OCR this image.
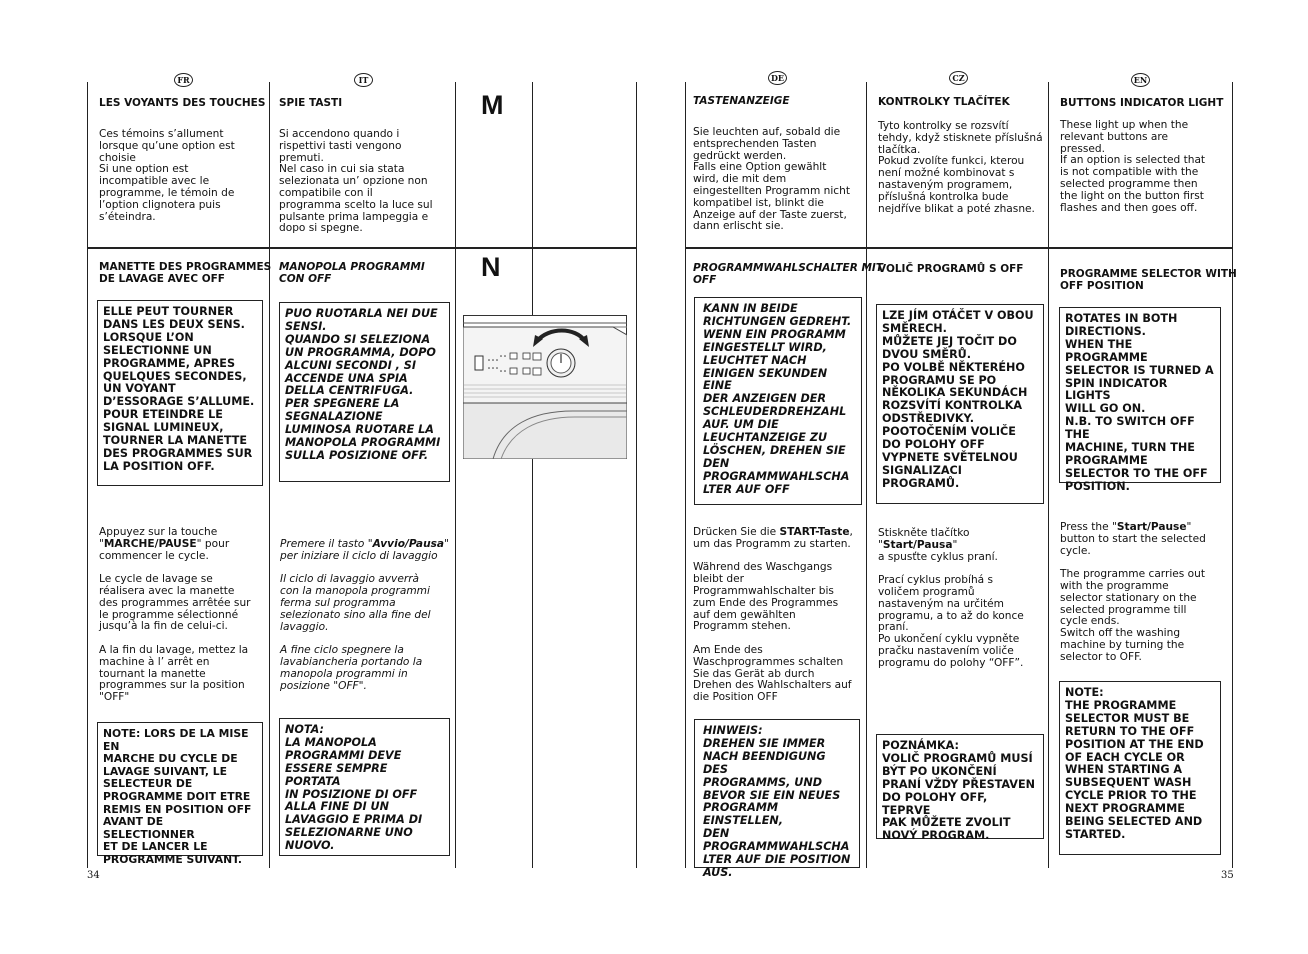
FR
LES VOYANTS DES TOUCHES
Ces témoins s’allument
lorsque qu’une option est
choisie
Si une option est
incompatible avec le
programme, le témoin de
l’option clignotera puis
s’éteindra.
MANETTE DES PROGRAMMES
DE LAVAGE AVEC OFF
ELLE PEUT TOURNER
DANS LES DEUX SENS.
LORSQUE L’ON
SELECTIONNE UN
PROGRAMME, APRES
QUELQUES SECONDES,
UN VOYANT
D’ESSORAGE S’ALLUME.
POUR ETEINDRE LE
SIGNAL LUMINEUX,
TOURNER LA MANETTE
DES PROGRAMMES SUR
LA POSITION OFF.
Appuyez sur la touche
"MARCHE/PAUSE" pour
commencer le cycle.

Le cycle de lavage se
réalisera avec la manette
des programmes arrêtée sur
le programme sélectionné
jusqu’à la fin de celui-ci.

A la fin du lavage, mettez la
machine à l’ arrêt en
tournant la manette
programmes sur la position
"OFF"
NOTE: LORS DE LA MISE EN
MARCHE DU CYCLE DE
LAVAGE SUIVANT, LE
SELECTEUR DE
PROGRAMME DOIT ETRE
REMIS EN POSITION OFF
AVANT DE SELECTIONNER
ET DE LANCER LE
PROGRAMME SUIVANT.
IT
SPIE TASTI
Si accendono quando i
rispettivi tasti vengono
premuti.
Nel caso in cui sia stata
selezionata un’ opzione non
compatibile con il
programma scelto la luce sul
pulsante prima lampeggia e
dopo si spegne.
MANOPOLA PROGRAMMI
CON OFF
PUO RUOTARLA NEI DUE
SENSI.
QUANDO SI SELEZIONA
UN PROGRAMMA, DOPO
ALCUNI SECONDI , SI
ACCENDE UNA SPIA
DELLA CENTRIFUGA.
PER SPEGNERE LA
SEGNALAZIONE
LUMINOSA RUOTARE LA
MANOPOLA PROGRAMMI
SULLA POSIZIONE OFF.
Premere il tasto "Avvio/Pausa"
per iniziare il ciclo di lavaggio

Il ciclo di lavaggio avverrà
con la manopola programmi
ferma sul programma
selezionato sino alla fine del
lavaggio.

A fine ciclo spegnere la
lavabiancheria portando la
manopola programmi in
posizione "OFF".
NOTA:
LA MANOPOLA
PROGRAMMI DEVE
ESSERE SEMPRE PORTATA
IN POSIZIONE DI OFF
ALLA FINE DI UN
LAVAGGIO E PRIMA DI
SELEZIONARNE UNO
NUOVO.
M
N
34
DE
TASTENANZEIGE
Sie leuchten auf, sobald die
entsprechenden Tasten
gedrückt werden.
Falls eine Option gewählt
wird, die mit dem
eingestellten Programm nicht
kompatibel ist, blinkt die
Anzeige auf der Taste zuerst,
dann erlischt sie.
PROGRAMMWAHLSCHALTER MIT
OFF
KANN IN BEIDE
RICHTUNGEN GEDREHT.
WENN EIN PROGRAMM
EINGESTELLT WIRD,
LEUCHTET NACH
EINIGEN SEKUNDEN EINE
DER ANZEIGEN DER
SCHLEUDERDREHZAHL
AUF. UM DIE
LEUCHTANZEIGE ZU
LÖSCHEN, DREHEN SIE
DEN
PROGRAMMWAHLSCHA
LTER AUF OFF
Drücken Sie die START-Taste,
um das Programm zu starten.

Während des Waschgangs
bleibt der
Programmwahlschalter bis
zum Ende des Programmes
auf dem gewählten
Programm stehen.

Am Ende des
Waschprogrammes schalten
Sie das Gerät ab durch
Drehen des Wahlschalters auf
die Position OFF
HINWEIS:
DREHEN SIE IMMER
NACH BEENDIGUNG DES
PROGRAMMS, UND
BEVOR SIE EIN NEUES
PROGRAMM EINSTELLEN,
DEN
PROGRAMMWAHLSCHA
LTER AUF DIE POSITION
AUS.
CZ
KONTROLKY TLAČÍTEK
Tyto kontrolky se rozsvítí
tehdy, když stisknete příslušná
tlačítka.
Pokud zvolíte funkci, kterou
není možné kombinovat s
nastaveným programem,
příslušná kontrolka bude
nejdříve blikat a poté zhasne.
VOLIČ PROGRAMŮ S OFF
LZE JÍM OTÁČET V OBOU
SMĚRECH.
MŮŽETE JEJ TOČIT DO
DVOU SMĚRŮ.
PO VOLBĚ NĚKTERÉHO
PROGRAMU SE PO
NĚKOLIKA SEKUNDÁCH
ROZSVÍTÍ KONTROLKA
ODSTŘEDIVKY.
POOTOČENÍM VOLIČE
DO POLOHY OFF
VYPNETE SVĚTELNOU
SIGNALIZACI
PROGRAMŮ.
Stiskněte tlačítko "Start/Pausa"
a spusťte cyklus praní.

Prací cyklus probíhá s
voličem programů
nastaveným na určitém
programu, a to až do konce
praní.
Po ukončení cyklu vypněte
pračku nastavením voliče
programu do polohy “OFF”.
POZNÁMKA:
VOLIČ PROGRAMŮ MUSÍ
BÝT PO UKONČENÍ
PRANÍ VŽDY PŘESTAVEN
DO POLOHY OFF, TEPRVE
PAK MŮŽETE ZVOLIT
NOVÝ PROGRAM.
EN
BUTTONS INDICATOR LIGHT
These light up when the
relevant buttons are
pressed.
If an option is selected that
is not compatible with the
selected programme then
the light on the button first
flashes and then goes off.
PROGRAMME SELECTOR WITH
OFF POSITION
ROTATES IN BOTH
DIRECTIONS.
WHEN THE
PROGRAMME
SELECTOR IS TURNED A
SPIN INDICATOR LIGHTS
WILL GO ON.
N.B. TO SWITCH OFF THE
MACHINE, TURN THE
PROGRAMME
SELECTOR TO THE OFF
POSITION.
Press the "Start/Pause"
button to start the selected
cycle.

The programme carries out
with the programme
selector stationary on the
selected programme till
cycle ends.
Switch off the washing
machine by turning the
selector to OFF.
NOTE:
THE PROGRAMME
SELECTOR MUST BE
RETURN TO THE OFF
POSITION AT THE END
OF EACH CYCLE OR
WHEN STARTING A
SUBSEQUENT WASH
CYCLE PRIOR TO THE
NEXT PROGRAMME
BEING SELECTED AND
STARTED.
35
